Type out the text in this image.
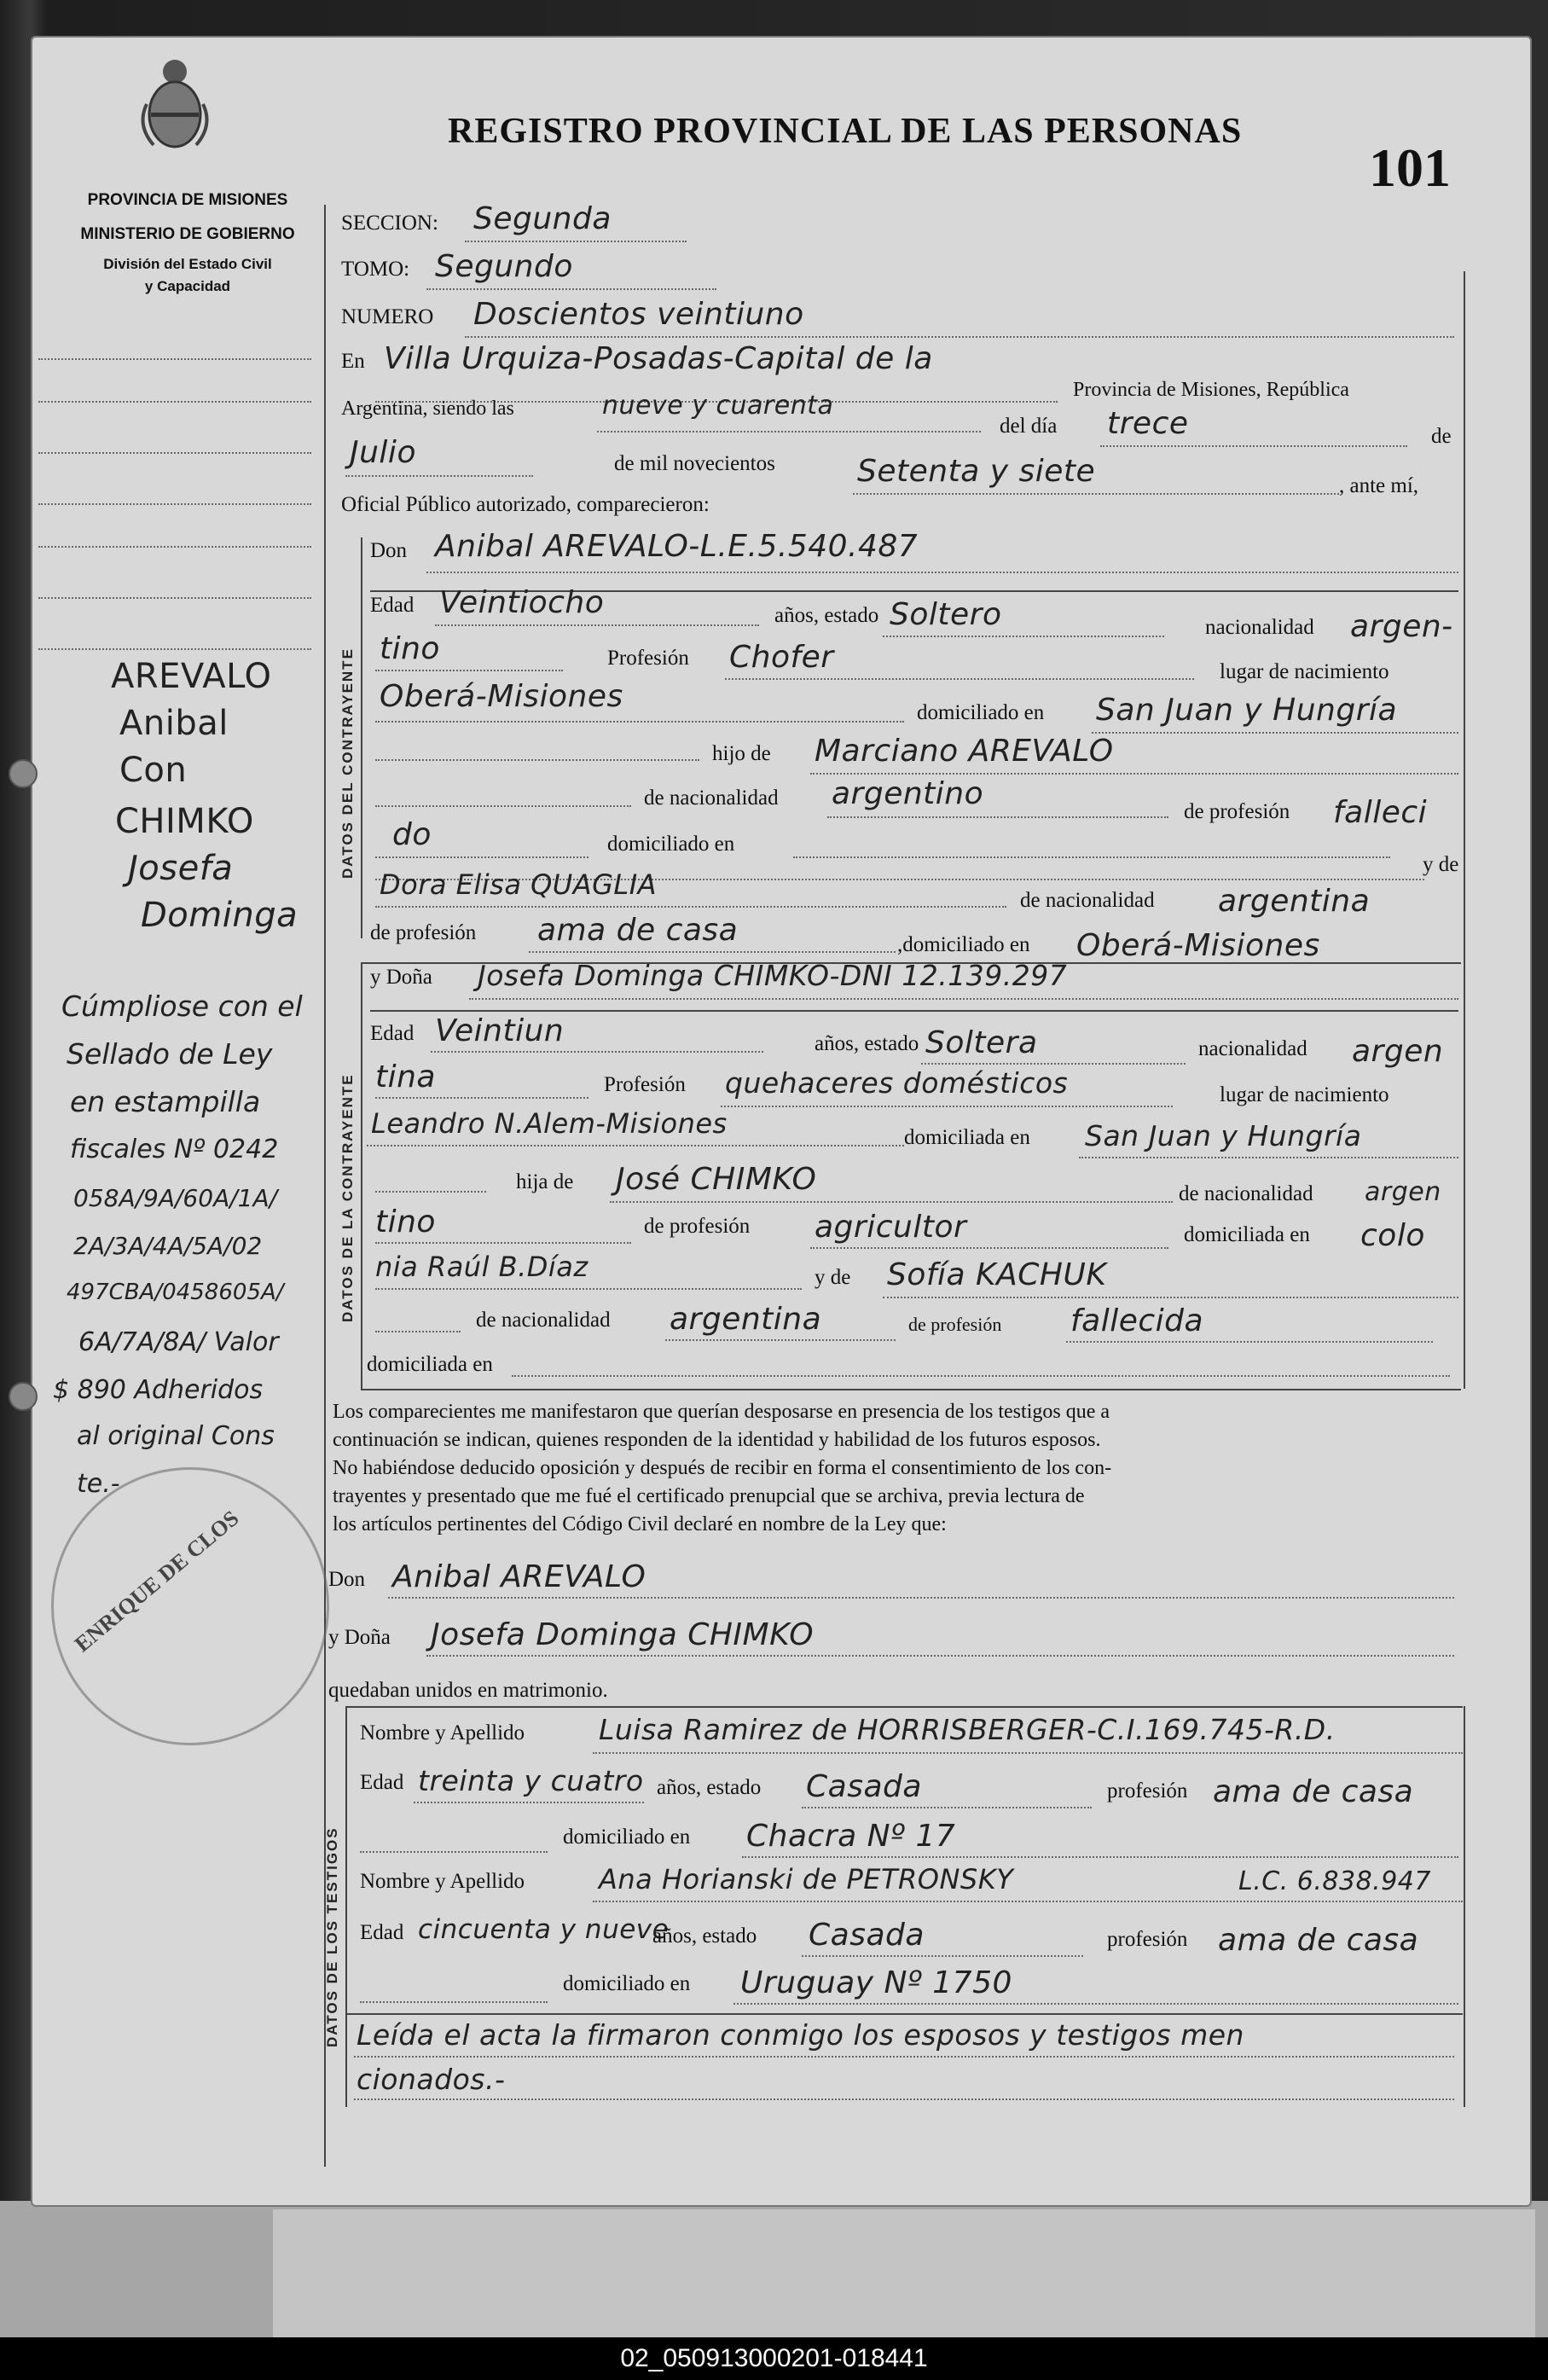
PROVINCIA DE MISIONES
MINISTERIO DE GOBIERNO
División del Estado Civil
y Capacidad
REGISTRO PROVINCIAL DE LAS PERSONAS
101
AREVALO
Anibal
Con
CHIMKO
Josefa
Dominga
Cúmpliose con el
Sellado de Ley
en estampilla
fiscales Nº 0242
058A/9A/60A/1A/
2A/3A/4A/5A/02
497CBA/0458605A/
6A/7A/8A/ Valor
$ 890 Adheridos
al original Cons
te.-
ENRIQUE DE CLOS
SECCION: Segunda
TOMO: Segundo
NUMERO Doscientos veintiuno
En Villa Urquiza-Posadas-Capital de la
Provincia de Misiones, República
Argentina, siendo las	nueve y cuarenta
del día trece	de
Julio	de mil novecientos	Setenta y siete	, ante mí,
Oficial Público autorizado, comparecieron:
DATOS DEL CONTRAYENTE
Don Anibal AREVALO-L.E.5.540.487
Edad Veintiocho	años, estado Soltero	nacionalidad argen-
tino	Profesión Chofer	lugar de nacimiento
Oberá-Misiones	domiciliado en San Juan y Hungría
hijo de Marciano AREVALO
de nacionalidad argentino
de profesión falleci
do	domiciliado en
y de
Dora Elisa QUAGLIA	de nacionalidad argentina
de profesión ama de casa	,domiciliado en Oberá-Misiones
DATOS DE LA CONTRAYENTE
y Doña Josefa Dominga CHIMKO-DNI 12.139.297
Edad Veintiun	años, estado Soltera	nacionalidad argen
tina	Profesión quehaceres domésticos	lugar de nacimiento
Leandro N.Alem-Misiones	domiciliada en San Juan y Hungría
hija de José CHIMKO	de nacionalidad argen
tino	de profesión agricultor	domiciliada en colo
nia Raúl B.Díaz	y de Sofía KACHUK
de nacionalidad argentina	de profesión fallecida
domiciliada en
Los comparecientes me manifestaron que querían desposarse en presencia de los testigos que a
continuación se indican, quienes responden de la identidad y habilidad de los futuros esposos.
No habiéndose deducido oposición y después de recibir en forma el consentimiento de los con-
trayentes y presentado que me fué el certificado prenupcial que se archiva, previa lectura de
los artículos pertinentes del Código Civil declaré en nombre de la Ley que:
Don Anibal AREVALO
y Doña Josefa Dominga CHIMKO
quedaban unidos en matrimonio.
DATOS DE LOS TESTIGOS
Nombre y Apellido	Luisa Ramirez de HORRISBERGER-C.I.169.745-R.D.
Edad treinta y cuatro años, estado Casada	profesión ama de casa
domiciliado en Chacra Nº 17
Nombre y Apellido	Ana Horianski de PETRONSKY	L.C. 6.838.947
Edad cincuenta y nueve
años, estado Casada	profesión ama de casa
domiciliado en Uruguay Nº 1750
Leída el acta la firmaron conmigo los esposos y testigos men
cionados.-
02_050913000201-018441
